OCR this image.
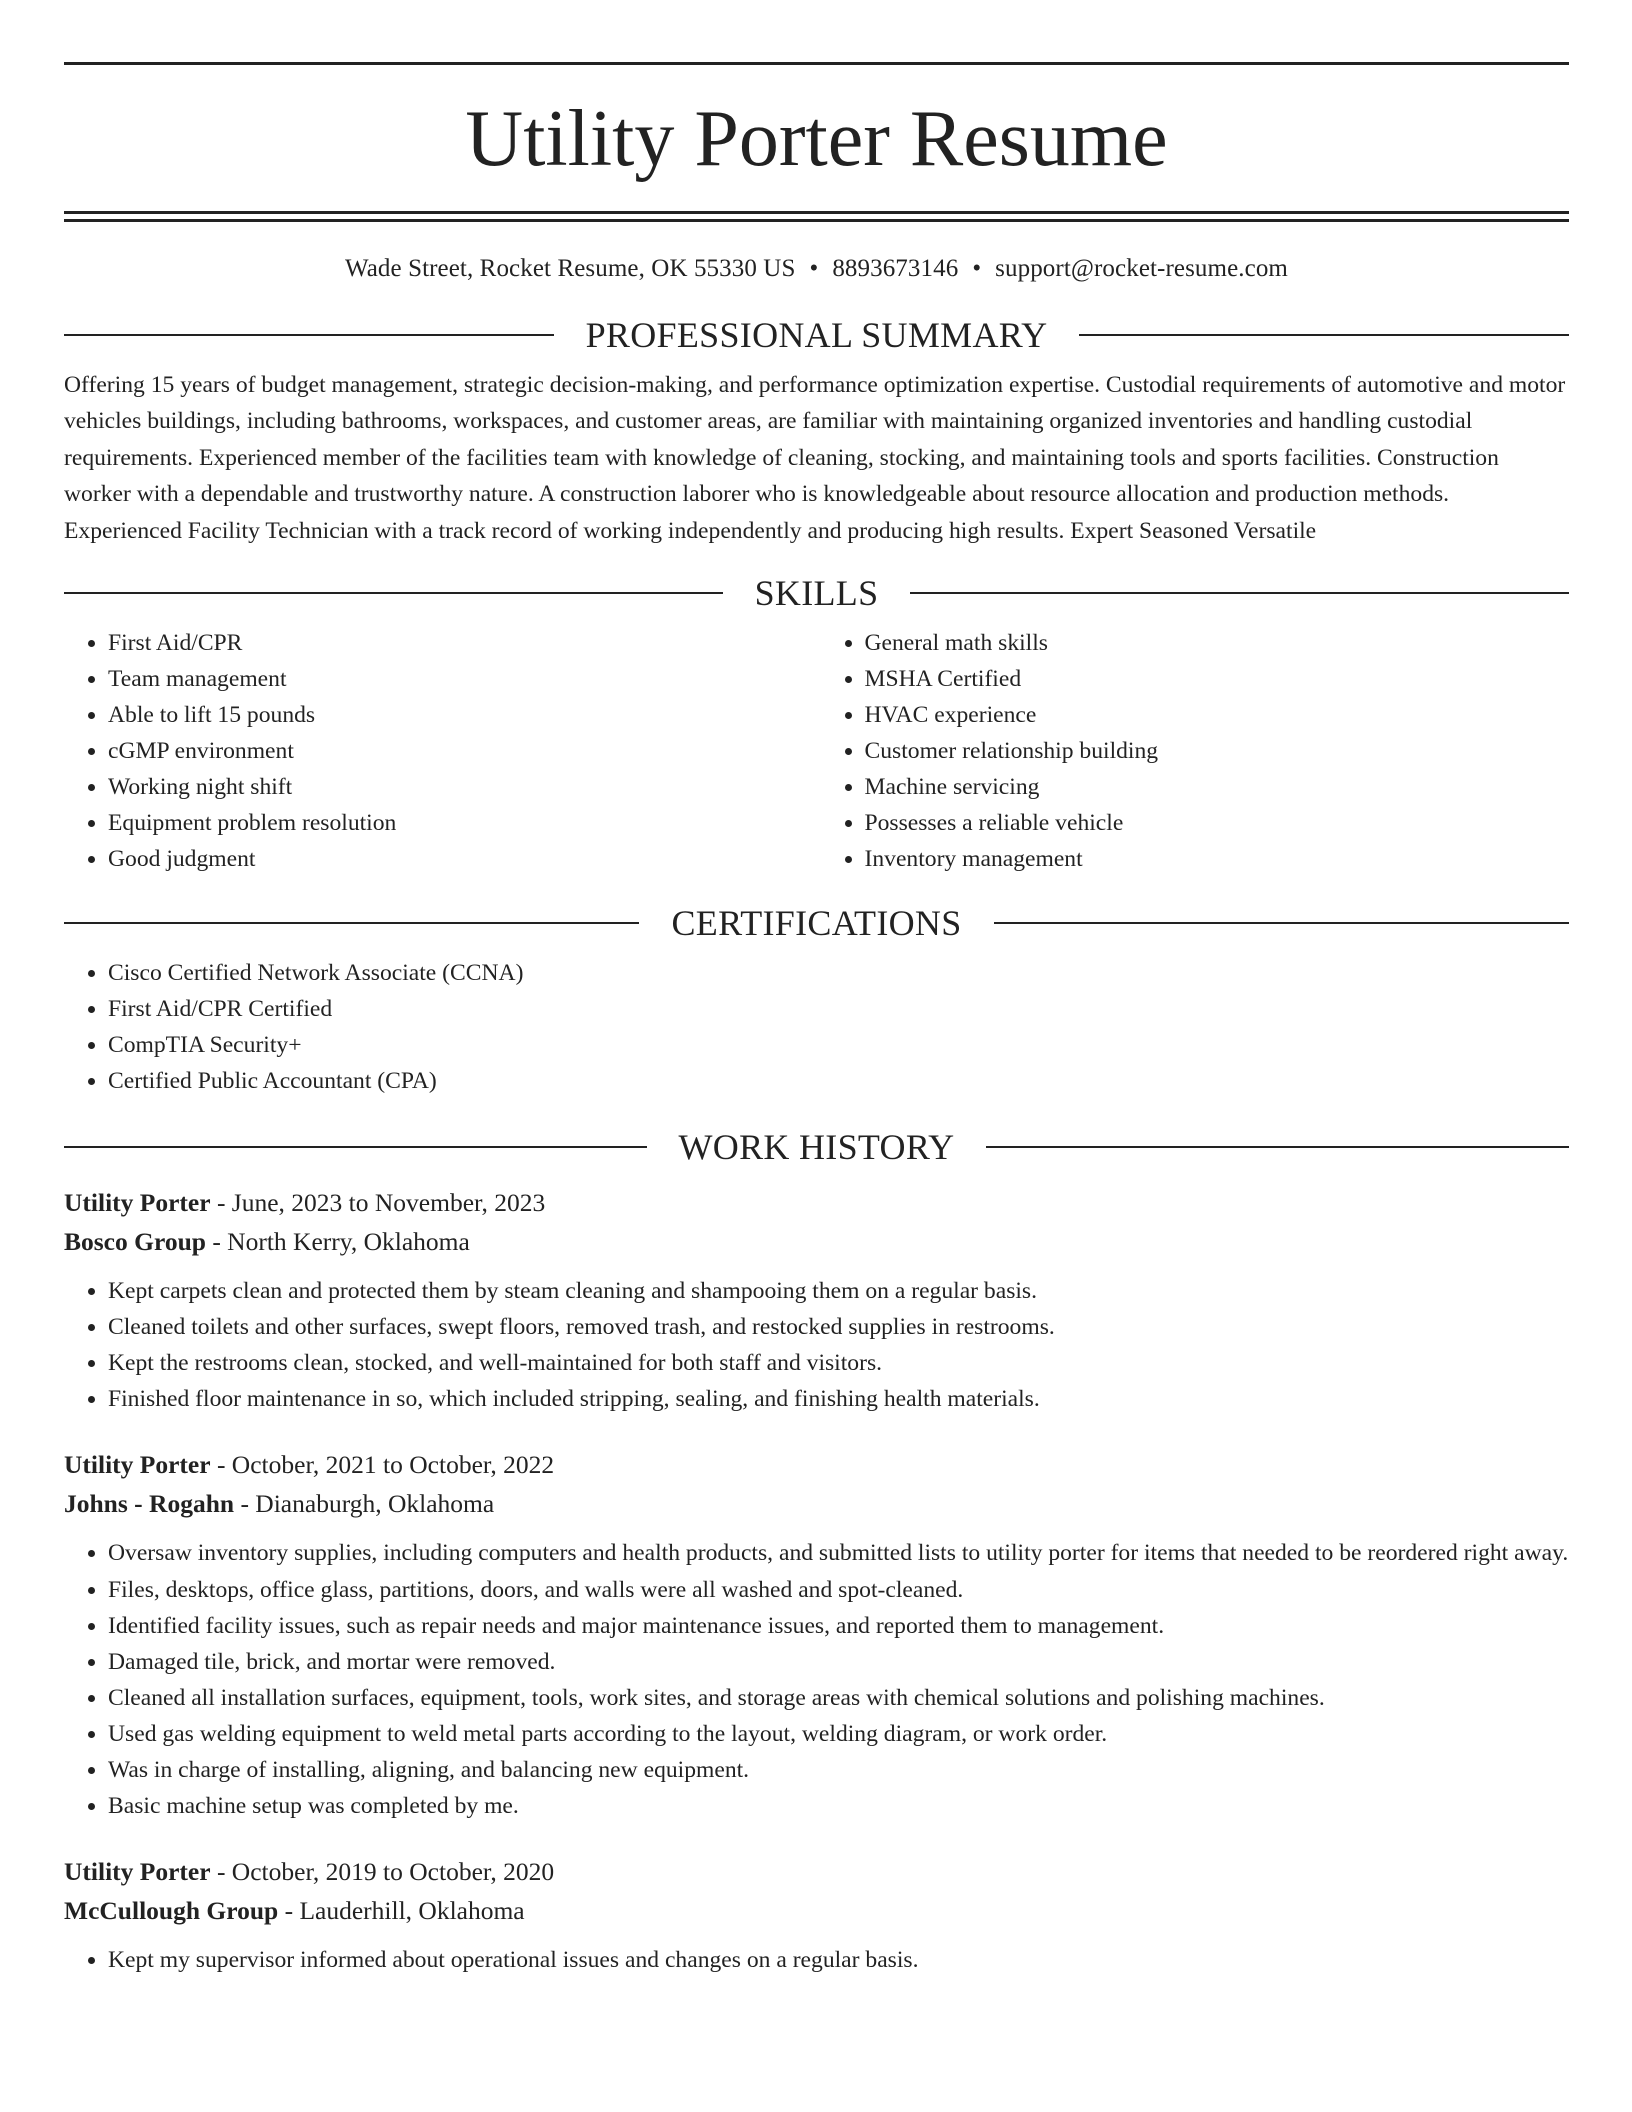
Utility Porter Resume
Wade Street, Rocket Resume, OK 55330 US • 8893673146 • support@rocket-resume.com
PROFESSIONAL SUMMARY

Offering 15 years of budget management, strategic decision-making, and performance optimization expertise. Custodial requirements of automotive and motor vehicles buildings, including bathrooms, workspaces, and customer areas, are familiar with maintaining organized inventories and handling custodial requirements. Experienced member of the facilities team with knowledge of cleaning, stocking, and maintaining tools and sports facilities. Construction worker with a dependable and trustworthy nature. A construction laborer who is knowledgeable about resource allocation and production methods. Experienced Facility Technician with a track record of working independently and producing high results. Expert Seasoned Versatile

SKILLS
• First Aid/CPR
• Team management
• Able to lift 15 pounds
• cGMP environment
• Working night shift
• Equipment problem resolution
• Good judgment
• General math skills
• MSHA Certified
• HVAC experience
• Customer relationship building
• Machine servicing
• Possesses a reliable vehicle
• Inventory management
CERTIFICATIONS
• Cisco Certified Network Associate (CCNA)
• First Aid/CPR Certified
• CompTIA Security+
• Certified Public Accountant (CPA)
WORK HISTORY
Utility Porter - June, 2023 to November, 2023
Bosco Group - North Kerry, Oklahoma
• Kept carpets clean and protected them by steam cleaning and shampooing them on a regular basis.
• Cleaned toilets and other surfaces, swept floors, removed trash, and restocked supplies in restrooms.
• Kept the restrooms clean, stocked, and well-maintained for both staff and visitors.
• Finished floor maintenance in so, which included stripping, sealing, and finishing health materials.
Utility Porter - October, 2021 to October, 2022
Johns - Rogahn - Dianaburgh, Oklahoma
• Oversaw inventory supplies, including computers and health products, and submitted lists to utility porter for items that needed to be reordered right away.
• Files, desktops, office glass, partitions, doors, and walls were all washed and spot-cleaned.
• Identified facility issues, such as repair needs and major maintenance issues, and reported them to management.
• Damaged tile, brick, and mortar were removed.
• Cleaned all installation surfaces, equipment, tools, work sites, and storage areas with chemical solutions and polishing machines.
• Used gas welding equipment to weld metal parts according to the layout, welding diagram, or work order.
• Was in charge of installing, aligning, and balancing new equipment.
• Basic machine setup was completed by me.
Utility Porter - October, 2019 to October, 2020
McCullough Group - Lauderhill, Oklahoma
• Kept my supervisor informed about operational issues and changes on a regular basis.
